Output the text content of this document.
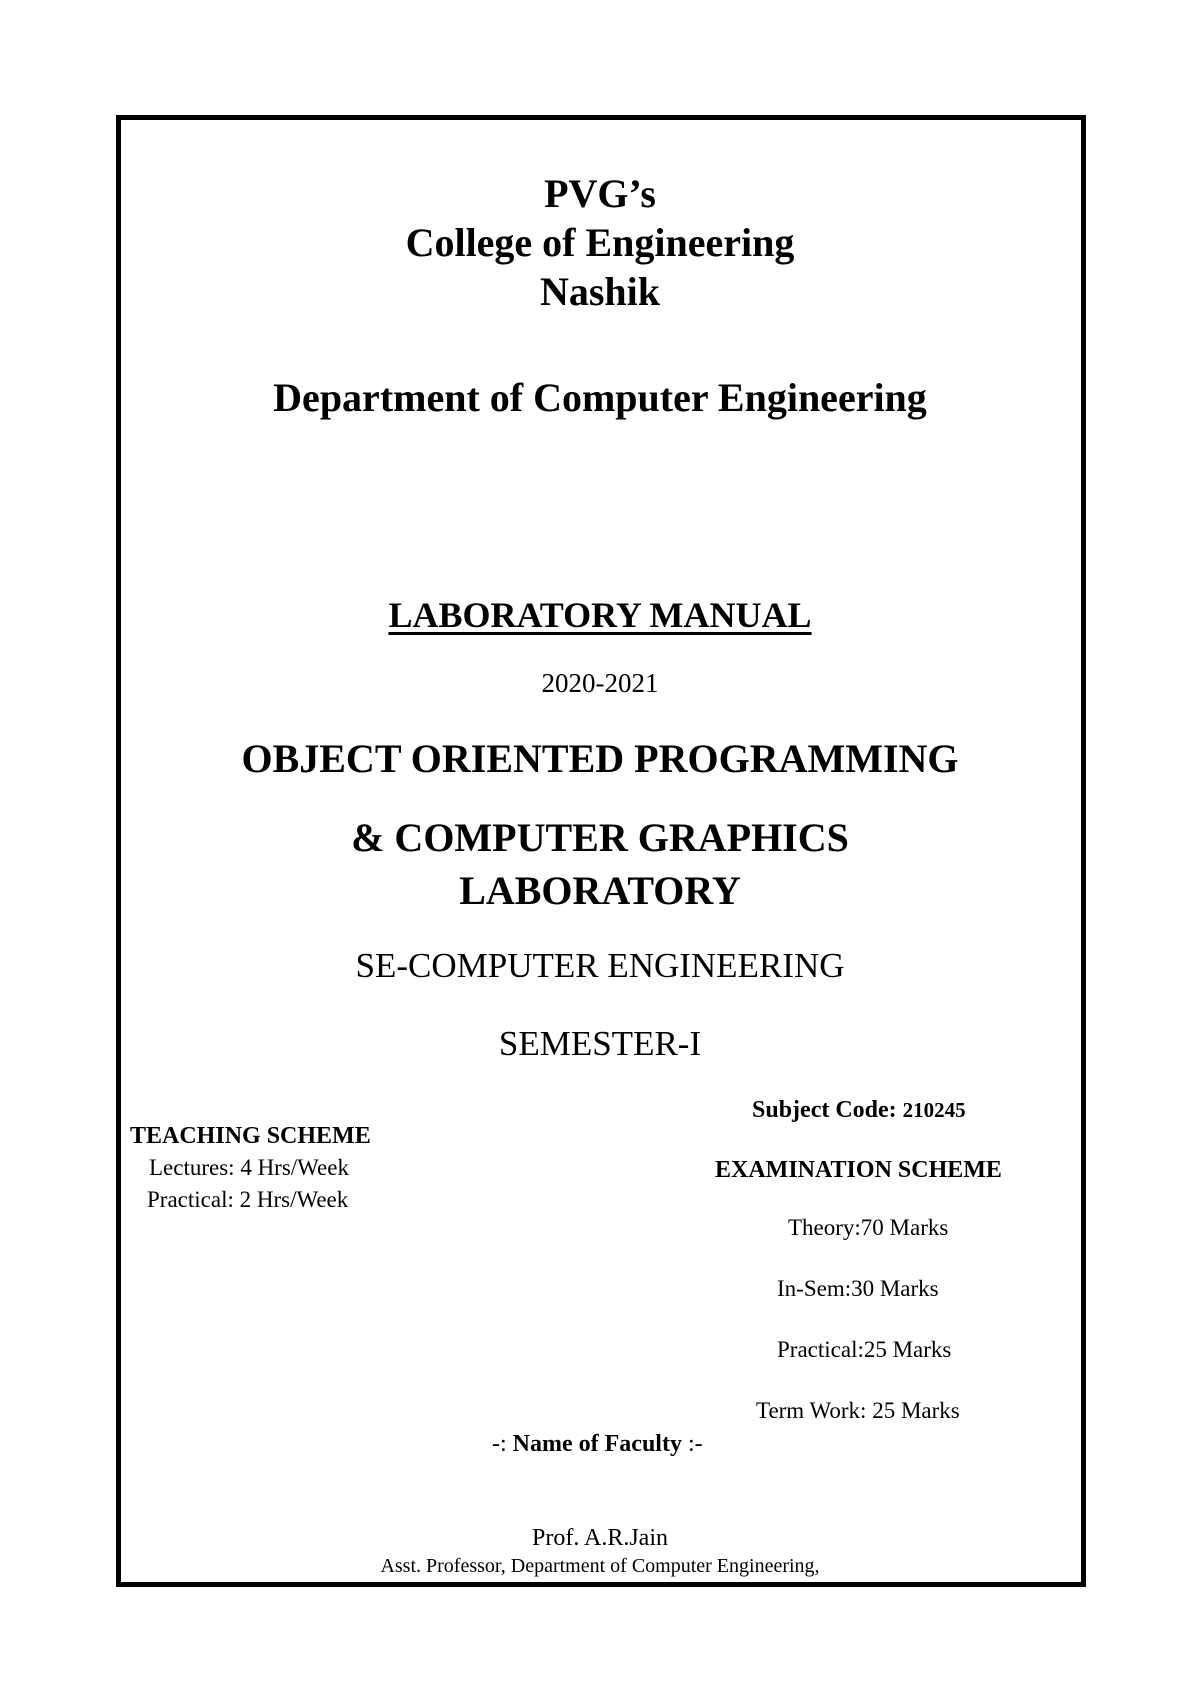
PVG’s
College of Engineering
Nashik
Department of Computer Engineering
LABORATORY MANUAL
2020-2021
OBJECT ORIENTED PROGRAMMING
& COMPUTER GRAPHICS
LABORATORY
SE-COMPUTER ENGINEERING
SEMESTER-I
Subject Code: 210245
TEACHING SCHEME
Lectures: 4 Hrs/Week
Practical: 2 Hrs/Week
EXAMINATION SCHEME
Theory:70 Marks
In-Sem:30 Marks
Practical:25 Marks
Term Work: 25 Marks
-: Name of Faculty :-
Prof. A.R.Jain
Asst. Professor, Department of Computer Engineering,
